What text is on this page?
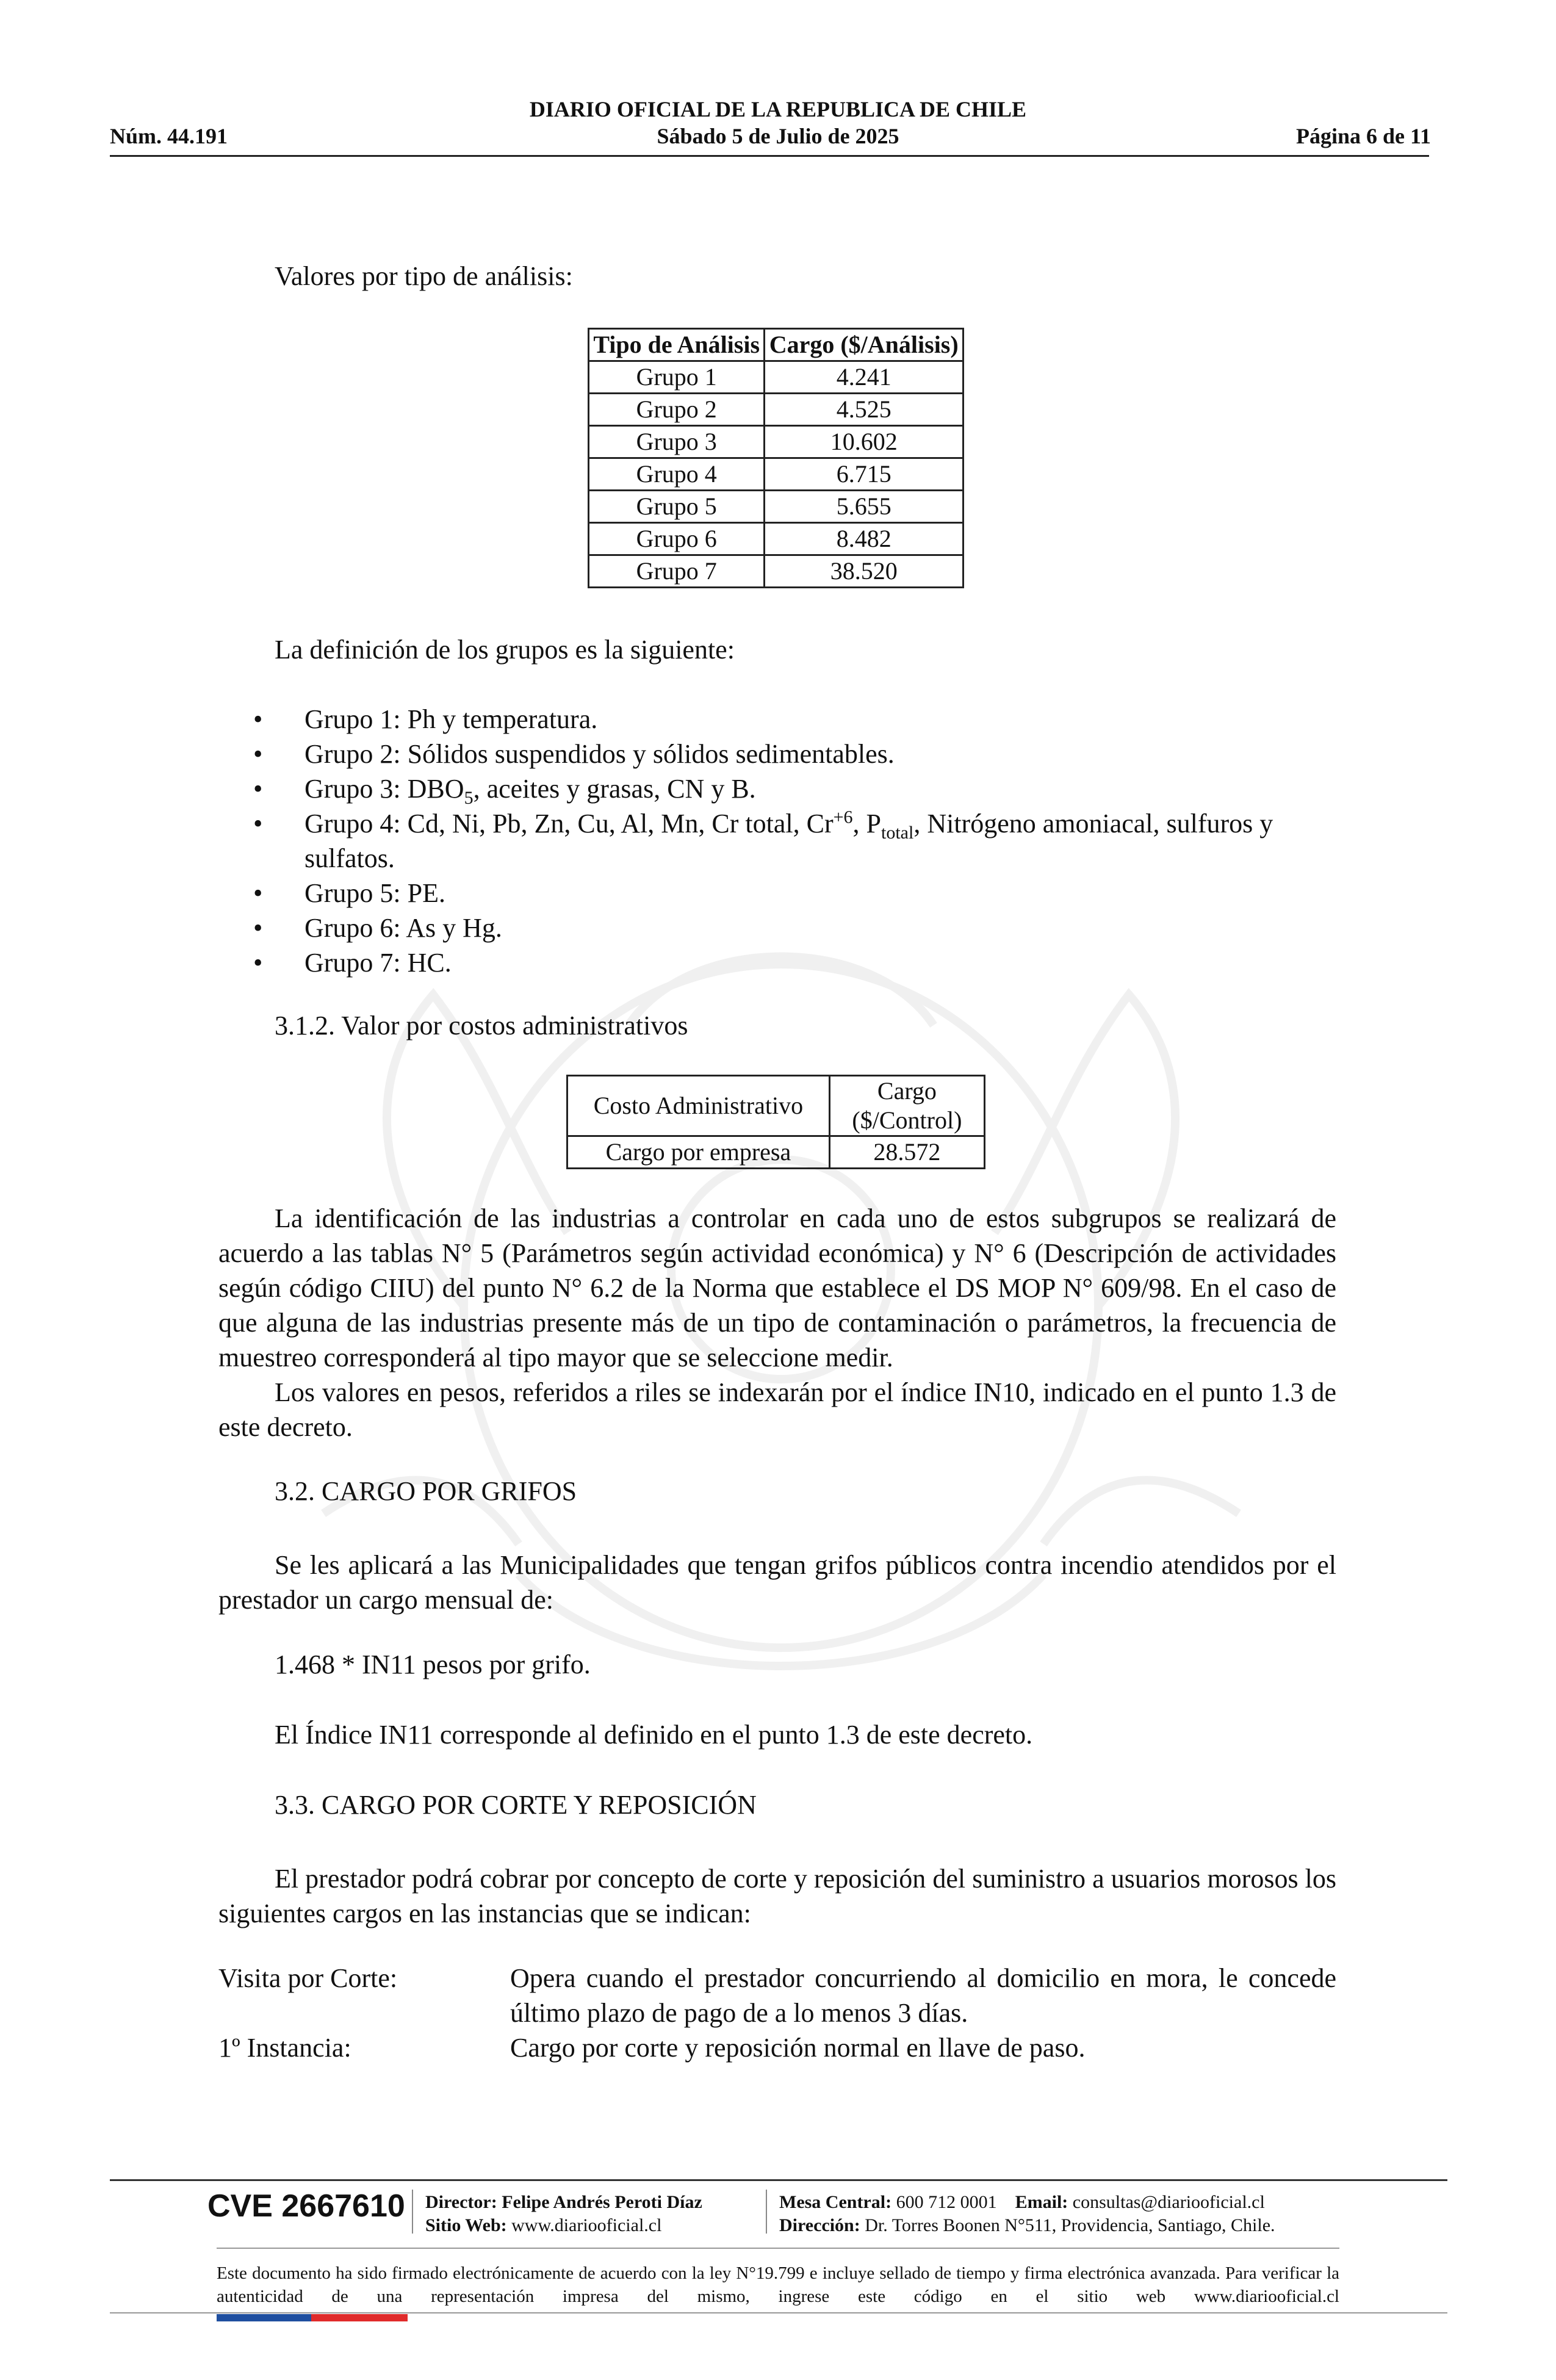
DIARIO OFICIAL DE LA REPUBLICA DE CHILE
Núm. 44.191	Sábado 5 de Julio de 2025	Página 6 de 11
Valores por tipo de análisis:
Tipo de Análisis	Cargo ($/Análisis)
Grupo 1	4.241
Grupo 2	4.525
Grupo 3	10.602
Grupo 4	6.715
Grupo 5	5.655
Grupo 6	8.482
Grupo 7	38.520
La definición de los grupos es la siguiente:
• Grupo 1: Ph y temperatura.
• Grupo 2: Sólidos suspendidos y sólidos sedimentables.
• Grupo 3: $DBO_5$, aceites y grasas, CN y B.
• Grupo 4: Cd, Ni, Pb, Zn, Cu, Al, Mn, Cr total, $Cr^{+6}$, $P_{total}$, Nitrógeno amoniacal, sulfuros y sulfatos.
• Grupo 5: PE.
• Grupo 6: As y Hg.
• Grupo 7: HC.
3.1.2. Valor por costos administrativos
Costo Administrativo	Cargo
($/Control)

Cargo por empresa	28.572
La identificación de las industrias a controlar en cada uno de estos subgrupos se realizará de acuerdo a las tablas N° 5 (Parámetros según actividad económica) y N° 6 (Descripción de actividades según código CIIU) del punto N° 6.2 de la Norma que establece el DS MOP N° 609/98. En el caso de que alguna de las industrias presente más de un tipo de contaminación o parámetros, la frecuencia de muestreo corresponderá al tipo mayor que se seleccione medir.
Los valores en pesos, referidos a riles se indexarán por el índice IN10, indicado en el punto 1.3 de este decreto.
3.2. CARGO POR GRIFOS
Se les aplicará a las Municipalidades que tengan grifos públicos contra incendio atendidos por el prestador un cargo mensual de:
1.468 * IN11 pesos por grifo.
El Índice IN11 corresponde al definido en el punto 1.3 de este decreto.
3.3. CARGO POR CORTE Y REPOSICIÓN
El prestador podrá cobrar por concepto de corte y reposición del suministro a usuarios morosos los siguientes cargos en las instancias que se indican:
Visita por Corte:	Opera cuando el prestador concurriendo al domicilio en mora, le concede último plazo de pago de a lo menos 3 días.
1º Instancia:	Cargo por corte y reposición normal en llave de paso.
CVE 2667610 Director: Felipe Andrés Peroti Díaz
Sitio Web: www.diariooficial.cl
Mesa Central: 600 712 0001 Email: consultas@diariooficial.cl
Dirección: Dr. Torres Boonen N°511, Providencia, Santiago, Chile.
Este documento ha sido firmado electrónicamente de acuerdo con la ley N°19.799 e incluye sellado de tiempo y firma electrónica avanzada. Para verificar la autenticidad de una representación impresa del mismo, ingrese este código en el sitio web www.diariooficial.cl
